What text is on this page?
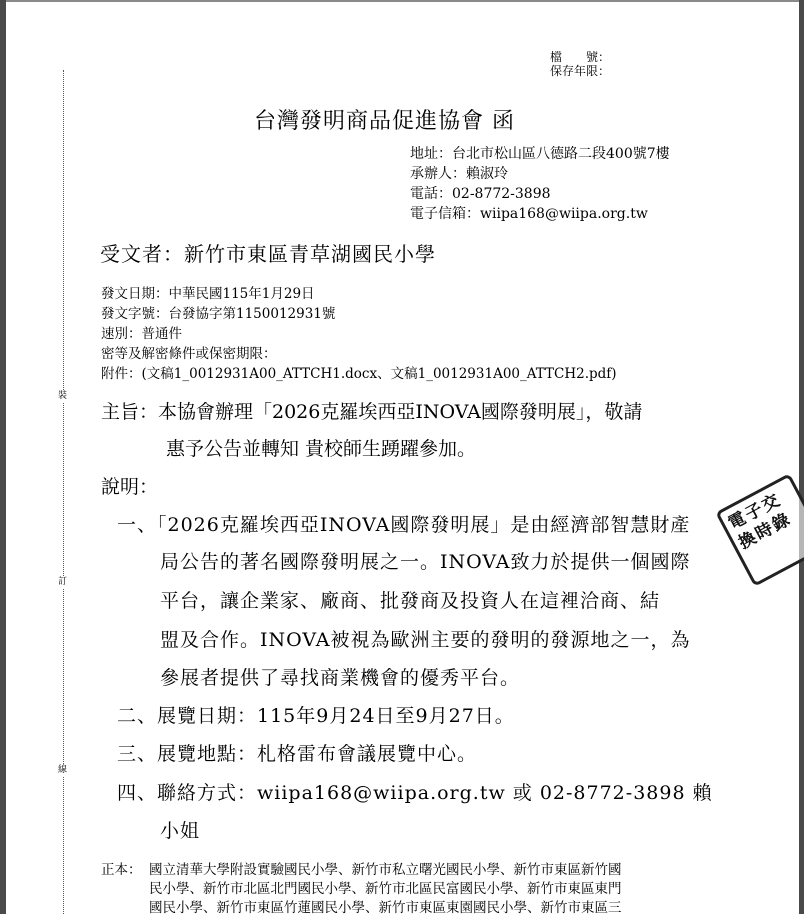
裝
訂
線
檔　　號：
保存年限：
台灣發明商品促進協會 函
地址：台北市松山區八德路二段400號7樓
承辦人：賴淑玲
電話：02-8772-3898
電子信箱：wiipa168@wiipa.org.tw
受文者：新竹市東區青草湖國民小學
發文日期：中華民國115年1月29日
發文字號：台發協字第1150012931號
速別：普通件
密等及解密條件或保密期限：
附件：(文稿1_0012931A00_ATTCH1.docx、文稿1_0012931A00_ATTCH2.pdf)
主旨：本協會辦理「2026克羅埃西亞INOVA國際發明展」，敬請
惠予公告並轉知 貴校師生踴躍參加。
說明：
一、「2026克羅埃西亞INOVA國際發明展」是由經濟部智慧財產
局公告的著名國際發明展之一。INOVA致力於提供一個國際
平台，讓企業家、廠商、批發商及投資人在這裡洽商、結
盟及合作。INOVA被視為歐洲主要的發明的發源地之一，為
參展者提供了尋找商業機會的優秀平台。
二、展覽日期：115年9月24日至9月27日。
三、展覽地點：札格雷布會議展覽中心。
四、聯絡方式：wiipa168@wiipa.org.tw 或 02-8772-3898 賴
小姐
正本： 國立清華大學附設實驗國民小學、新竹市私立曙光國民小學、新竹市東區新竹國
民小學、新竹市北區北門國民小學、新竹市北區民富國民小學、新竹市東區東門
國民小學、新竹市東區竹蓮國民小學、新竹市東區東園國民小學、新竹市東區三
電子交換時錄
